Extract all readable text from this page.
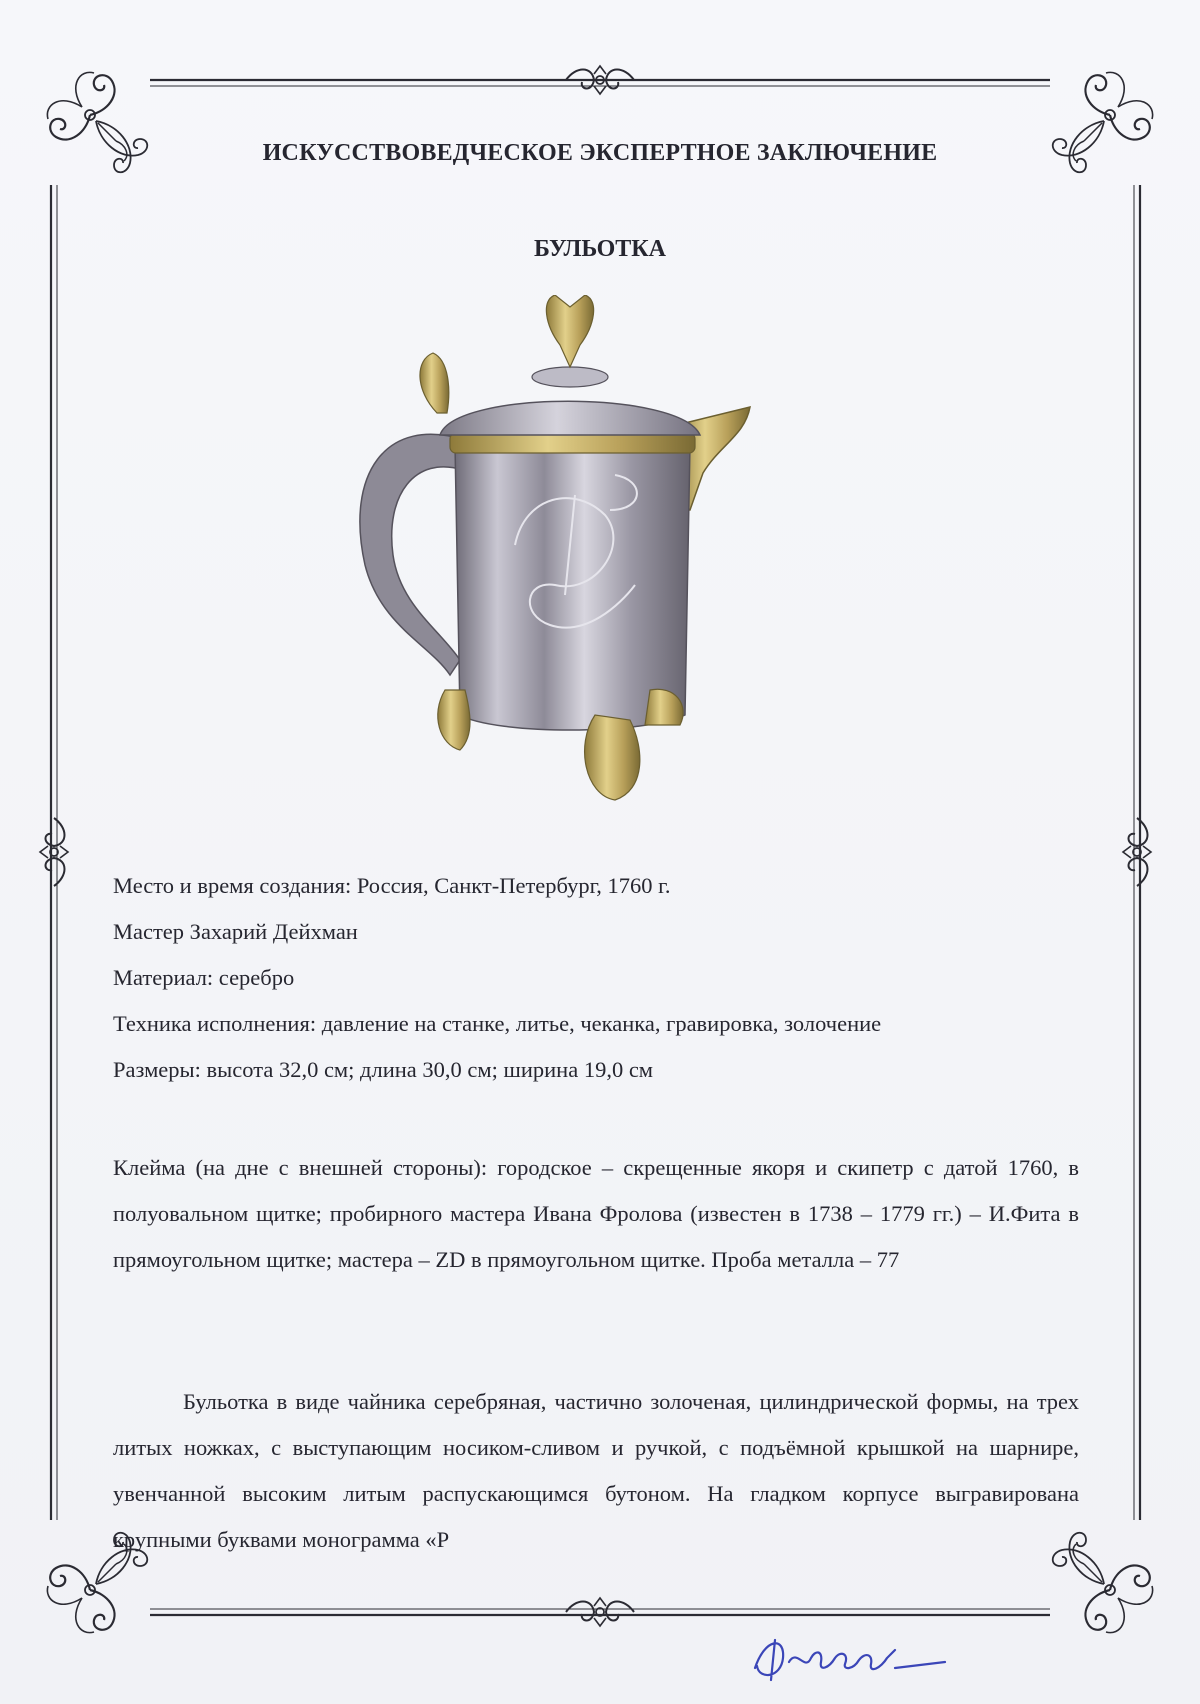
ИСКУССТВОВЕДЧЕСКОЕ ЭКСПЕРТНОЕ ЗАКЛЮЧЕНИЕ
БУЛЬОТКА
Место и время создания: Россия, Санкт-Петербург, 1760 г.
Мастер Захарий Дейхман
Материал: серебро
Техника исполнения: давление на станке, литье, чеканка, гравировка, золочение
Размеры: высота 32,0 см; длина 30,0 см; ширина 19,0 см
Клейма (на дне с внешней стороны): городское – скрещенные якоря и скипетр с датой 1760, в полуовальном щитке; пробирного мастера Ивана Фролова (известен в 1738 – 1779 гг.) – И.Фита в прямоугольном щитке; мастера – ZD в прямоугольном щитке. Проба металла – 77
Бульотка в виде чайника серебряная, частично золоченая, цилиндрической формы, на трех литых ножках, с выступающим носиком-сливом и ручкой, с подъёмной крышкой на шарнире, увенчанной высоким литым распускающимся бутоном. На гладком корпусе выгравирована крупными буквами монограмма «Р
